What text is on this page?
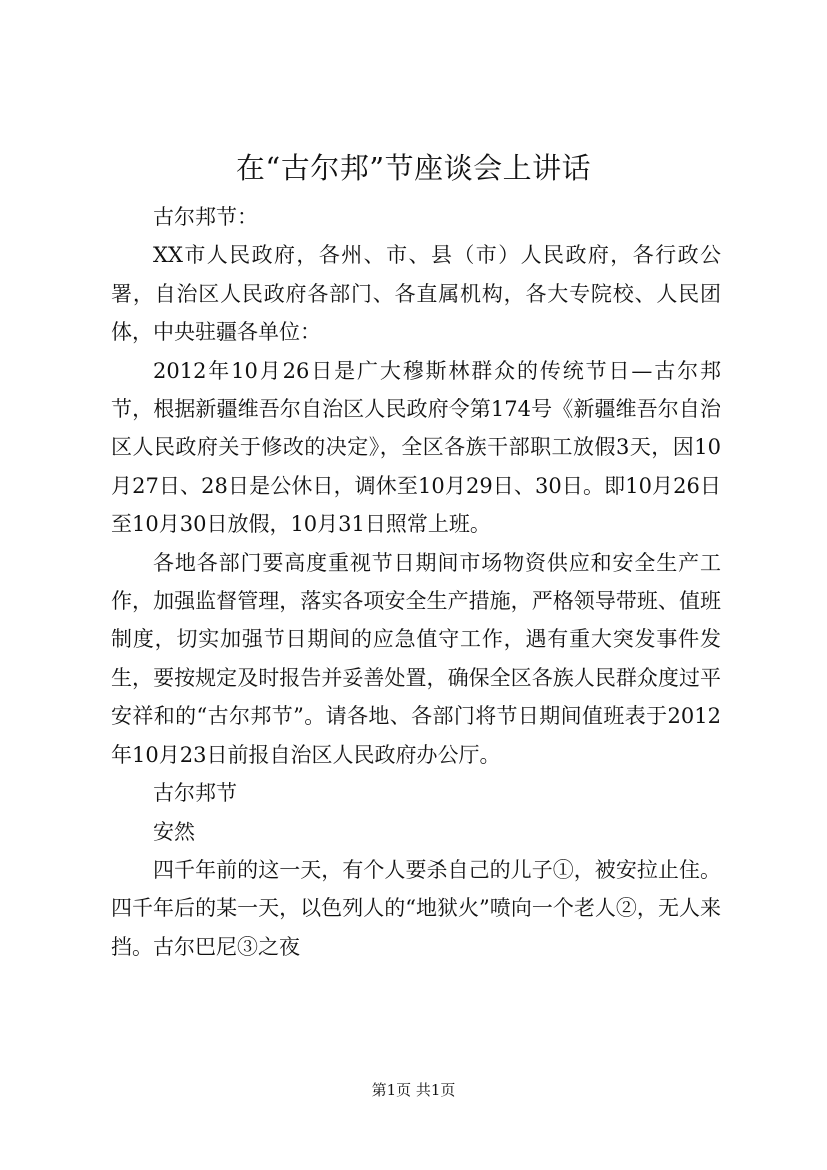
在“古尔邦”节座谈会上讲话

古尔邦节：

XX市人民政府，各州、市、县（市）人民政府，各行政公署，自治区人民政府各部门、各直属机构，各大专院校、人民团体，中央驻疆各单位：

2012年10月26日是广大穆斯林群众的传统节日—古尔邦节，根据新疆维吾尔自治区人民政府令第174号《新疆维吾尔自治区人民政府关于修改的决定》，全区各族干部职工放假3天，因10月27日、28日是公休日，调休至10月29日、30日。即10月26日至10月30日放假，10月31日照常上班。

各地各部门要高度重视节日期间市场物资供应和安全生产工作，加强监督管理，落实各项安全生产措施，严格领导带班、值班制度，切实加强节日期间的应急值守工作，遇有重大突发事件发生，要按规定及时报告并妥善处置，确保全区各族人民群众度过平安祥和的“古尔邦节”。请各地、各部门将节日期间值班表于2012年10月23日前报自治区人民政府办公厅。

古尔邦节

安然

四千年前的这一天，有个人要杀自己的儿子①，被安拉止住。四千年后的某一天，以色列人的“地狱火”喷向一个老人②，无人来挡。古尔巴尼③之夜

第1页 共1页
